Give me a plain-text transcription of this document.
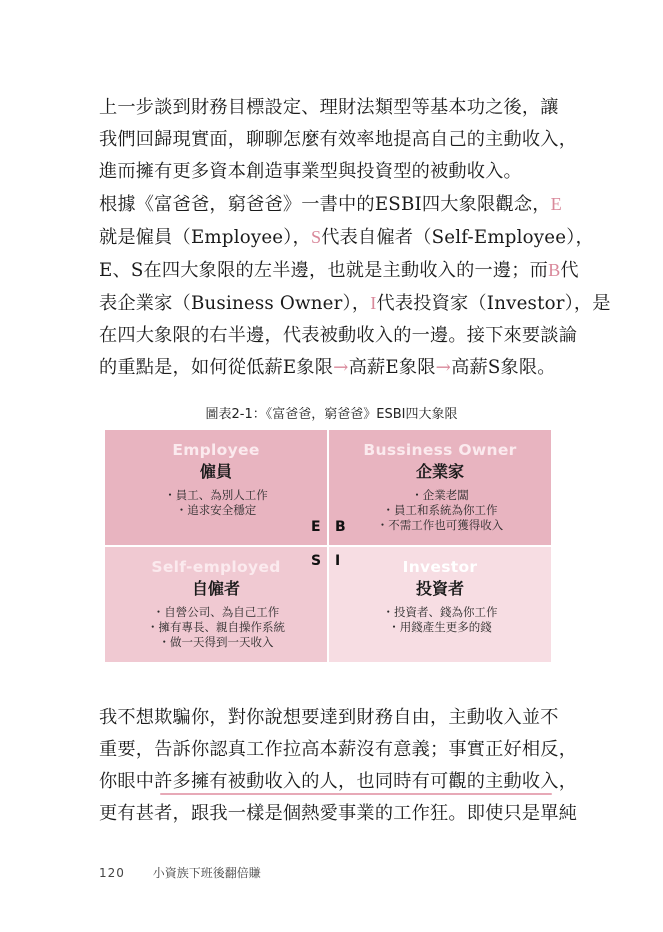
上一步談到財務目標設定、理財法類型等基本功之後，讓
我們回歸現實面，聊聊怎麼有效率地提高自己的主動收入，
進而擁有更多資本創造事業型與投資型的被動收入。
根據《富爸爸，窮爸爸》一書中的ESBI四大象限觀念，E
就是僱員（Employee），S代表自僱者（Self-Employee），
E、S在四大象限的左半邊，也就是主動收入的一邊；而B代
表企業家（Business Owner），I代表投資家（Investor），是
在四大象限的右半邊，代表被動收入的一邊。接下來要談論
的重點是，如何從低薪E象限→高薪E象限→高薪S象限。
圖表2-1：《富爸爸，窮爸爸》ESBI四大象限
Employee
僱員
・員工、為別人工作
・追求安全穩定
Bussiness Owner
企業家
・企業老闆
・員工和系統為你工作
・不需工作也可獲得收入
Self-employed
自僱者
・自營公司、為自己工作
・擁有專長、親自操作系統
・做一天得到一天收入
Investor
投資者
・投資者、錢為你工作
・用錢產生更多的錢
E B
S I
我不想欺騙你，對你說想要達到財務自由，主動收入並不
重要，告訴你認真工作拉高本薪沒有意義；事實正好相反，
你眼中許多擁有被動收入的人，也同時有可觀的主動收入，
更有甚者，跟我一樣是個熱愛事業的工作狂。即使只是單純
120 小資族下班後翻倍賺
